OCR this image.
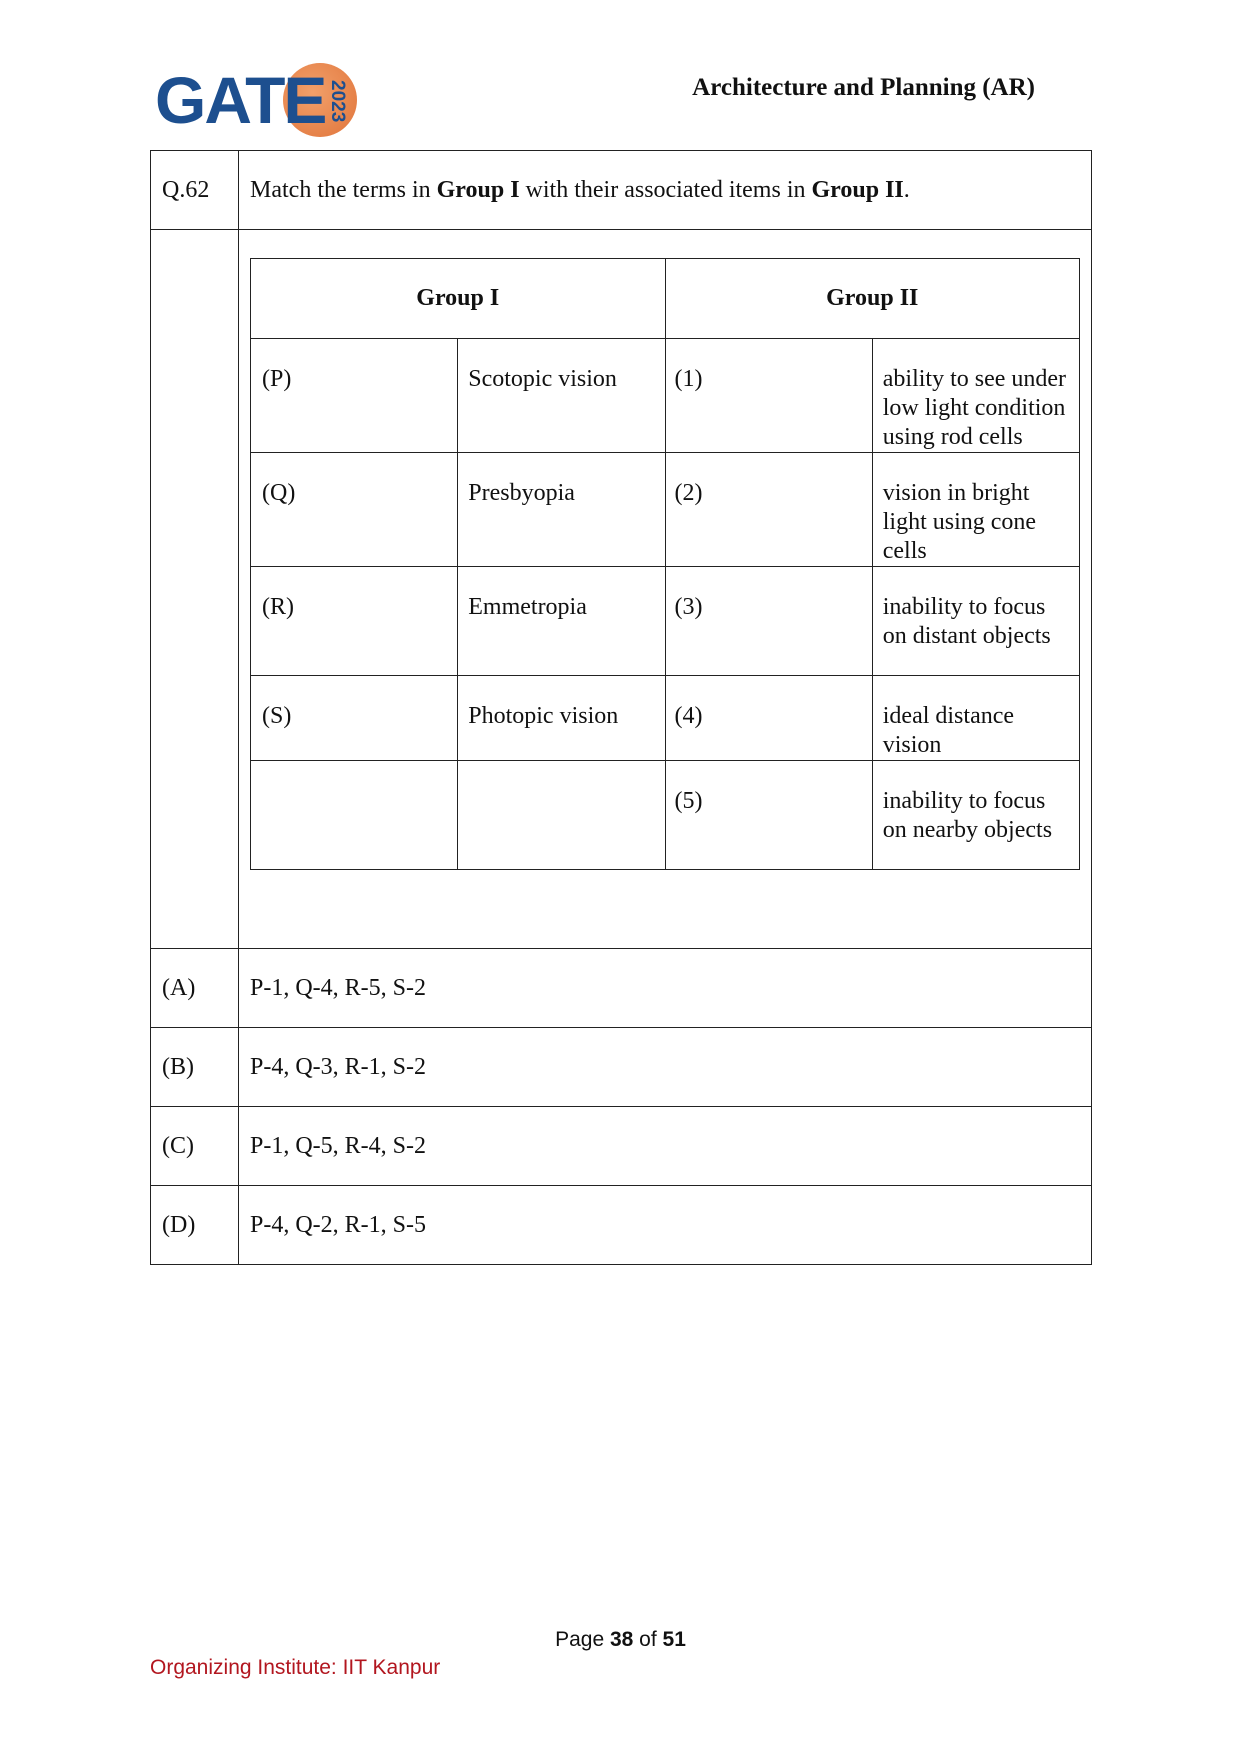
GATE 2023	Architecture and Planning (AR)
Q.62	Match the terms in Group I with their associated items in Group II.

Group I	Group II
(P)	Scotopic vision	(1)	ability to see under low light condition using rod cells
(Q)	Presbyopia	(2)	vision in bright light using cone cells
(R)	Emmetropia	(3)	inability to focus on distant objects
(S)	Photopic vision	(4)	ideal distance vision
		(5)	inability to focus on nearby objects

(A)	P-1, Q-4, R-5, S-2
(B)	P-4, Q-3, R-1, S-2
(C)	P-1, Q-5, R-4, S-2
(D)	P-4, Q-2, R-1, S-5
Page 38 of 51
Organizing Institute: IIT Kanpur
